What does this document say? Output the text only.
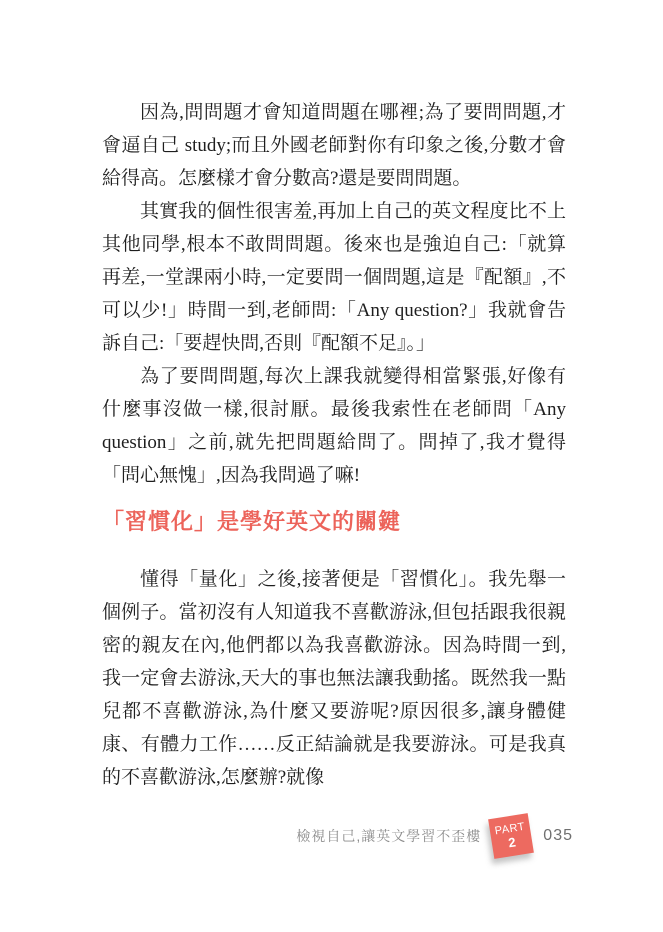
因為,問問題才會知道問題在哪裡;為了要問問題,才會逼自己 study;而且外國老師對你有印象之後,分數才會給得高。怎麼樣才會分數高?還是要問問題。

其實我的個性很害羞,再加上自己的英文程度比不上其他同學,根本不敢問問題。後來也是強迫自己:「就算再差,一堂課兩小時,一定要問一個問題,這是『配額』,不可以少!」時間一到,老師問:「Any question?」我就會告訴自己:「要趕快問,否則『配額不足』。」

為了要問問題,每次上課我就變得相當緊張,好像有什麼事沒做一樣,很討厭。最後我索性在老師問「Any question」之前,就先把問題給問了。問掉了,我才覺得「問心無愧」,因為我問過了嘛!

「習慣化」是學好英文的關鍵

懂得「量化」之後,接著便是「習慣化」。我先舉一個例子。當初沒有人知道我不喜歡游泳,但包括跟我很親密的親友在內,他們都以為我喜歡游泳。因為時間一到,我一定會去游泳,天大的事也無法讓我動搖。既然我一點兒都不喜歡游泳,為什麼又要游呢?原因很多,讓身體健康、有體力工作……反正結論就是我要游泳。可是我真的不喜歡游泳,怎麼辦?就像

檢視自己,讓英文學習不歪樓 PART
2 035
